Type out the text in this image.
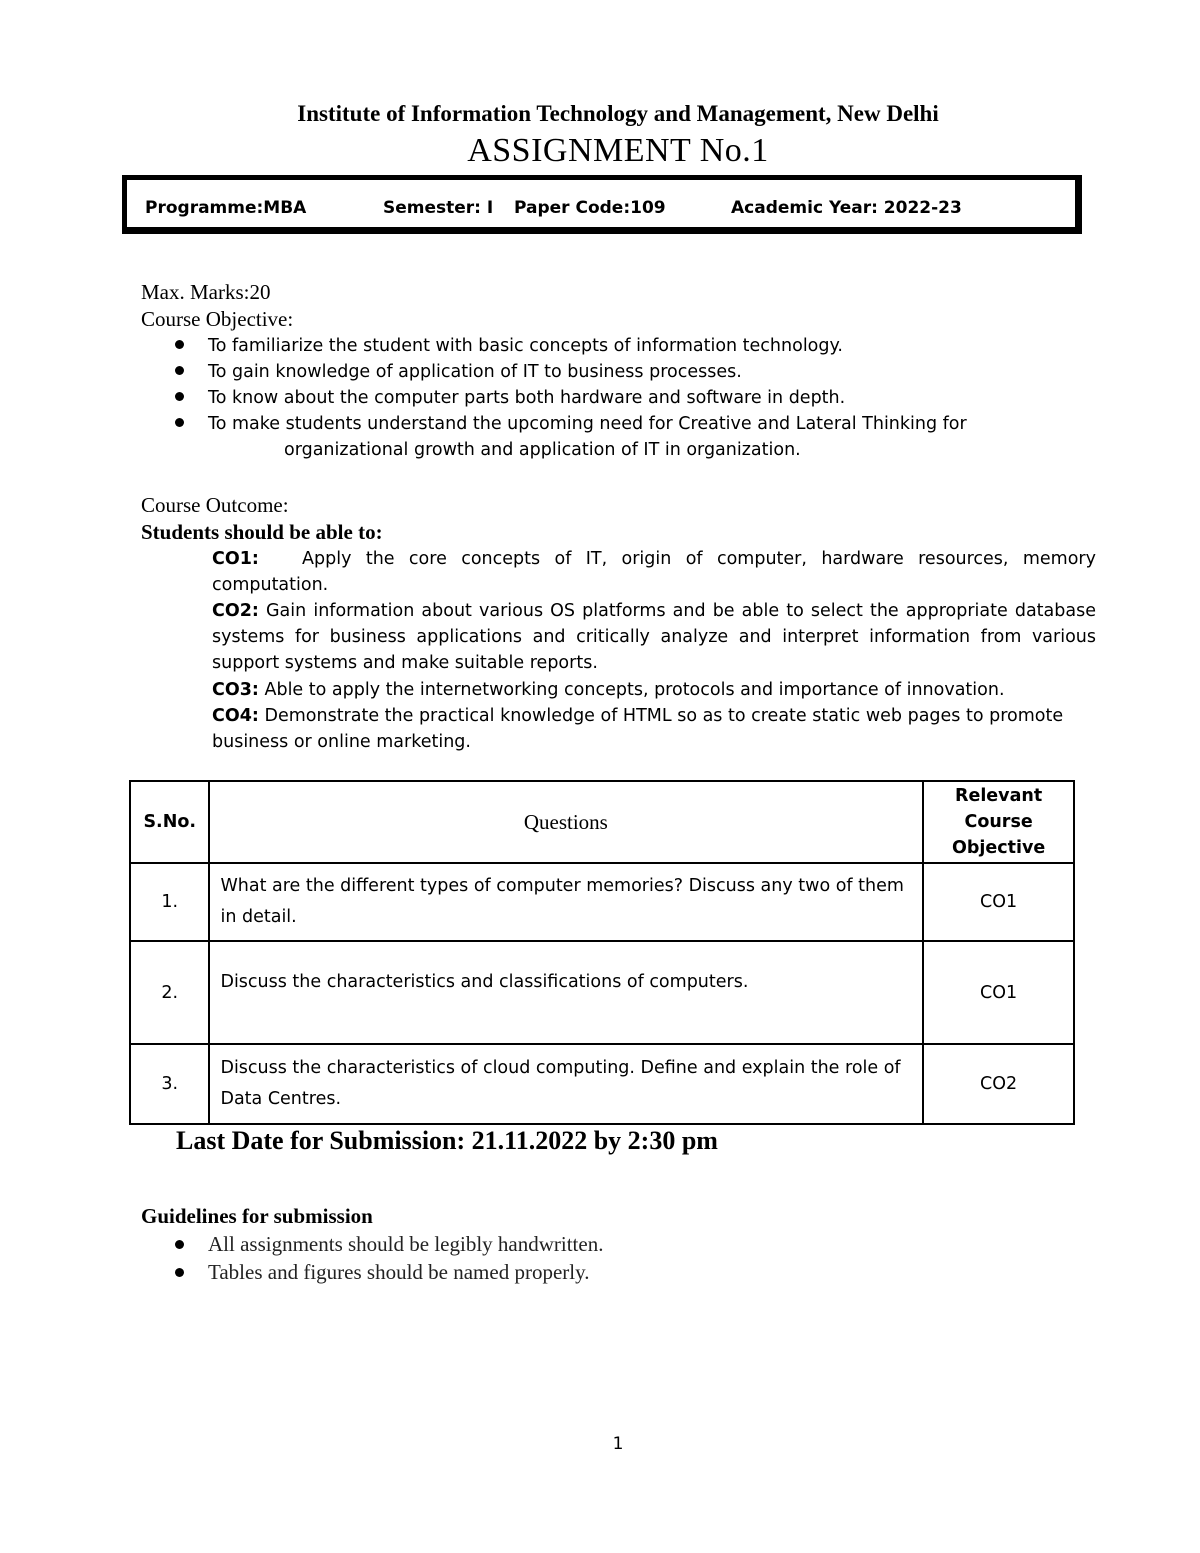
Institute of Information Technology and Management, New Delhi
ASSIGNMENT No.1
Programme:MBA	Semester: I Paper Code:109	Academic Year: 2022-23
Max. Marks:20
Course Objective:
To familiarize the student with basic concepts of information technology.
To gain knowledge of application of IT to business processes.
To know about the computer parts both hardware and software in depth.
To make students understand the upcoming need for Creative and Lateral Thinking for
organizational growth and application of IT in organization.
Course Outcome:
Students should be able to:
CO1: Apply the core concepts of IT, origin of computer, hardware resources, memory
computation.
CO2: Gain information about various OS platforms and be able to select the appropriate database
systems for business applications and critically analyze and interpret information from various
support systems and make suitable reports.
CO3: Able to apply the internetworking concepts, protocols and importance of innovation.
CO4: Demonstrate the practical knowledge of HTML so as to create static web pages to promote
business or online marketing.
S.No.	Questions	Relevant
Course
Objective

1.	What are the different types of computer memories? Discuss any two of them
in detail.	CO1
2.	Discuss the characteristics and classifications of computers.	CO1
3.	Discuss the characteristics of cloud computing. Define and explain the role of
Data Centres.	CO2
Last Date for Submission: 21.11.2022 by 2:30 pm
Guidelines for submission
All assignments should be legibly handwritten.
Tables and figures should be named properly.
1
